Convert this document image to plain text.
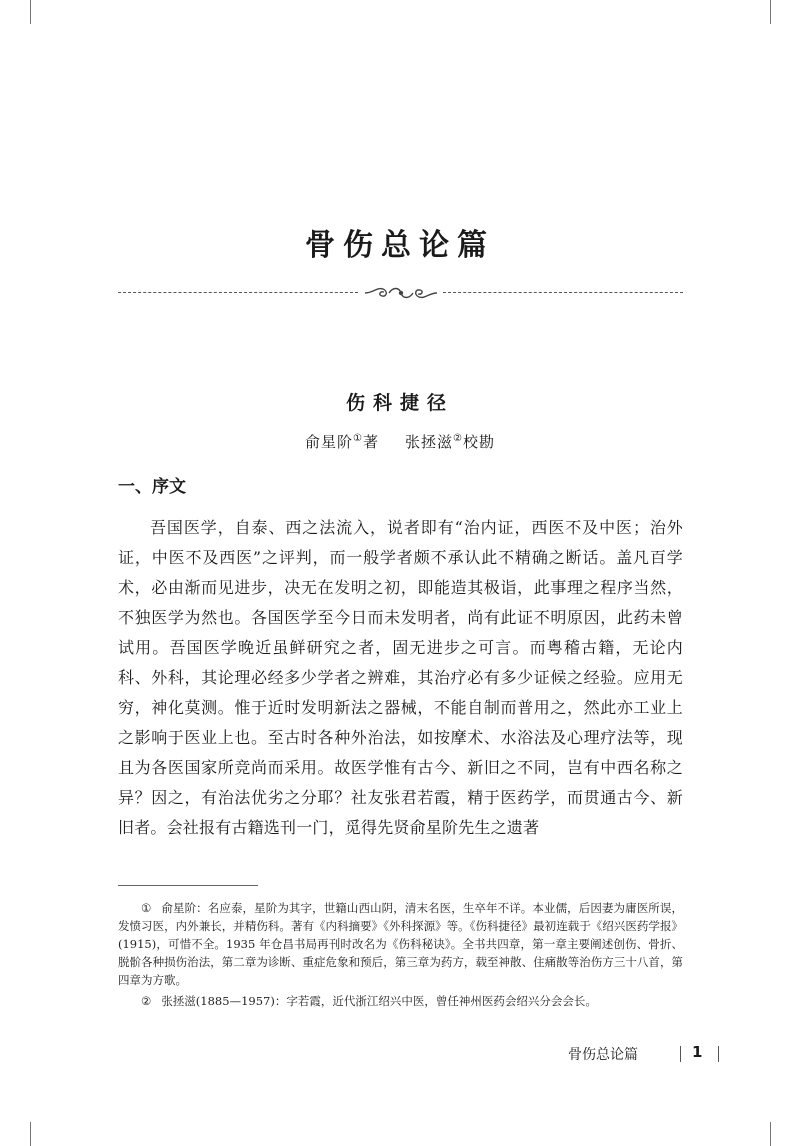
骨伤总论篇
伤科捷径
俞星阶①著 张拯滋②校勘
一、序文

吾国医学，自泰、西之法流入，说者即有“治内证，西医不及中医；治外证，中医不及西医”之评判，而一般学者颇不承认此不精确之断话。盖凡百学术，必由渐而见进步，决无在发明之初，即能造其极诣，此事理之程序当然，不独医学为然也。各国医学至今日而未发明者，尚有此证不明原因，此药未曾试用。吾国医学晚近虽鲜研究之者，固无进步之可言。而粤稽古籍，无论内科、外科，其论理必经多少学者之辨难，其治疗必有多少证候之经验。应用无穷，神化莫测。惟于近时发明新法之器械，不能自制而普用之，然此亦工业上之影响于医业上也。至古时各种外治法，如按摩术、水浴法及心理疗法等，现且为各医国家所竞尚而采用。故医学惟有古今、新旧之不同，岂有中西名称之异？因之，有治法优劣之分耶？社友张君若霞，精于医药学，而贯通古今、新旧者。会社报有古籍选刊一门，觅得先贤俞星阶先生之遗著

① 俞星阶：名应泰，星阶为其字，世籍山西山阴，清末名医，生卒年不详。本业儒，后因妻为庸医所误，发愤习医，内外兼长，并精伤科。著有《内科摘要》《外科探源》等。《伤科捷径》最初连载于《绍兴医药学报》(1915)，可惜不全。1935 年仓昌书局再刊时改名为《伤科秘诀》。全书共四章，第一章主要阐述创伤、骨折、脱骱各种损伤治法，第二章为诊断、重症危象和预后，第三章为药方，载至神散、住痛散等治伤方三十八首，第四章为方歌。

② 张拯滋(1885—1957)：字若霞，近代浙江绍兴中医，曾任神州医药会绍兴分会会长。

骨伤总论篇	1
